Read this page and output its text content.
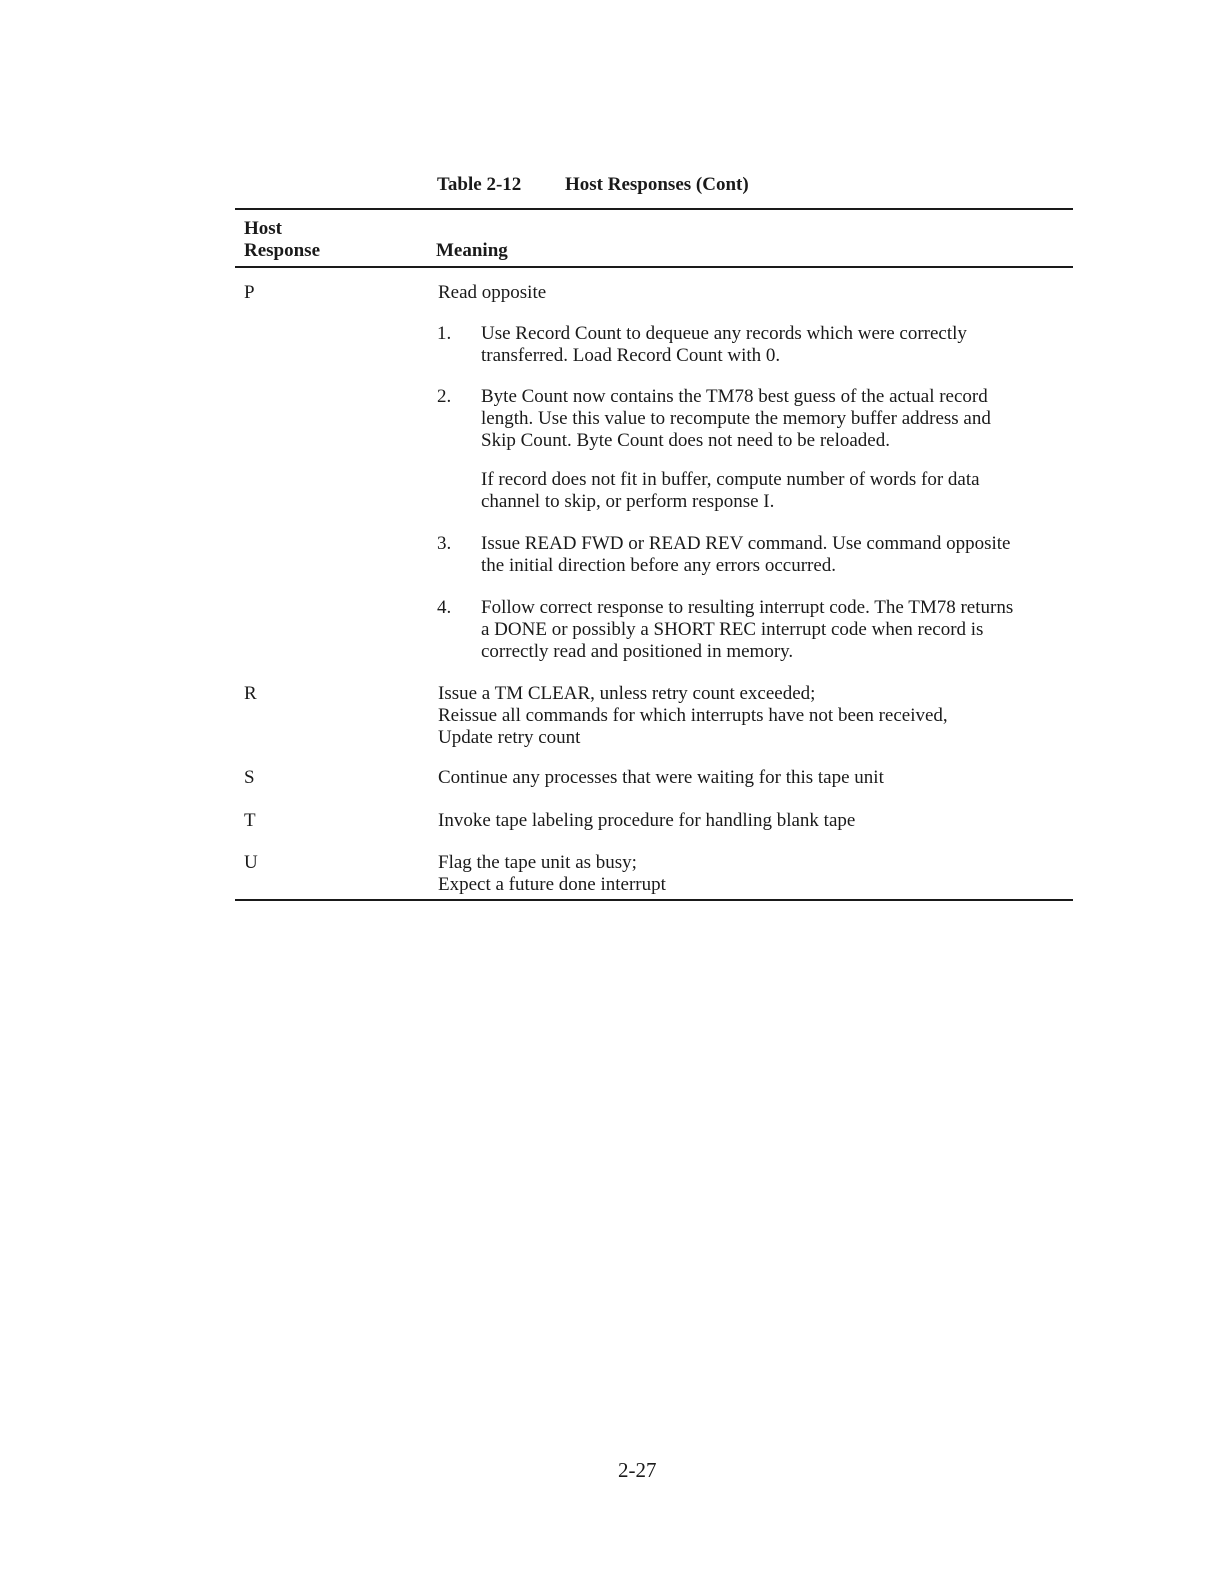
Table 2-12 Host Responses (Cont)
Host
Response	Meaning
P	Read opposite
1. Use Record Count to dequeue any records which were correctly
transferred. Load Record Count with 0.
2. Byte Count now contains the TM78 best guess of the actual record
length. Use this value to recompute the memory buffer address and
Skip Count. Byte Count does not need to be reloaded.
If record does not fit in buffer, compute number of words for data
channel to skip, or perform response I.
3. Issue READ FWD or READ REV command. Use command opposite
the initial direction before any errors occurred.
4. Follow correct response to resulting interrupt code. The TM78 returns
a DONE or possibly a SHORT REC interrupt code when record is
correctly read and positioned in memory.
R	Issue a TM CLEAR, unless retry count exceeded;
Reissue all commands for which interrupts have not been received,
Update retry count
S	Continue any processes that were waiting for this tape unit
T	Invoke tape labeling procedure for handling blank tape
U	Flag the tape unit as busy;
Expect a future done interrupt
2-27
